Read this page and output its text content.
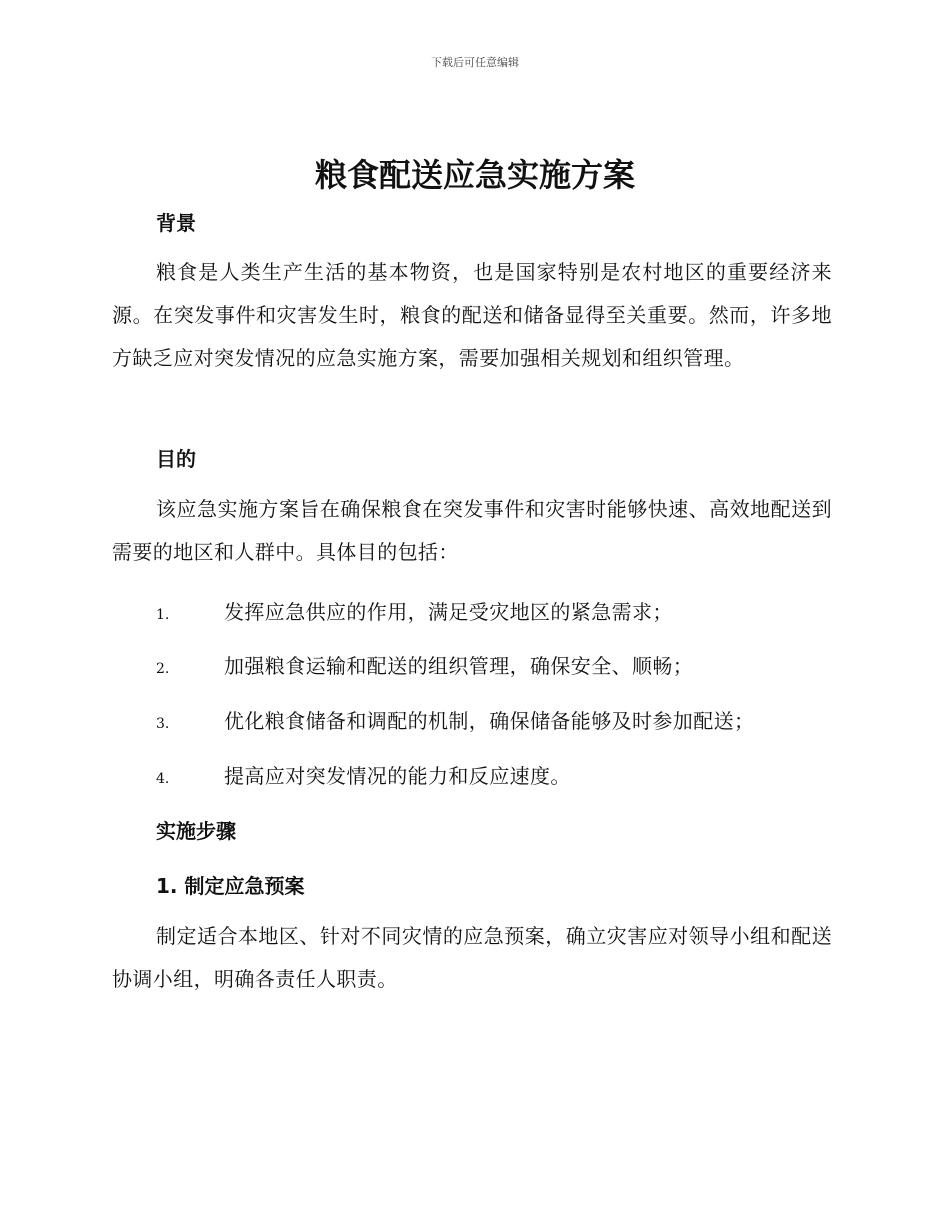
下载后可任意编辑
粮食配送应急实施方案
背景
粮食是人类生产生活的基本物资，也是国家特别是农村地区的重要经济来源。在突发事件和灾害发生时，粮食的配送和储备显得至关重要。然而，许多地方缺乏应对突发情况的应急实施方案，需要加强相关规划和组织管理。
目的
该应急实施方案旨在确保粮食在突发事件和灾害时能够快速、高效地配送到需要的地区和人群中。具体目的包括：
1.	发挥应急供应的作用，满足受灾地区的紧急需求；
2.	加强粮食运输和配送的组织管理，确保安全、顺畅；
3.	优化粮食储备和调配的机制，确保储备能够及时参加配送；
4.	提高应对突发情况的能力和反应速度。
实施步骤
1. 制定应急预案
制定适合本地区、针对不同灾情的应急预案，确立灾害应对领导小组和配送协调小组，明确各责任人职责。
